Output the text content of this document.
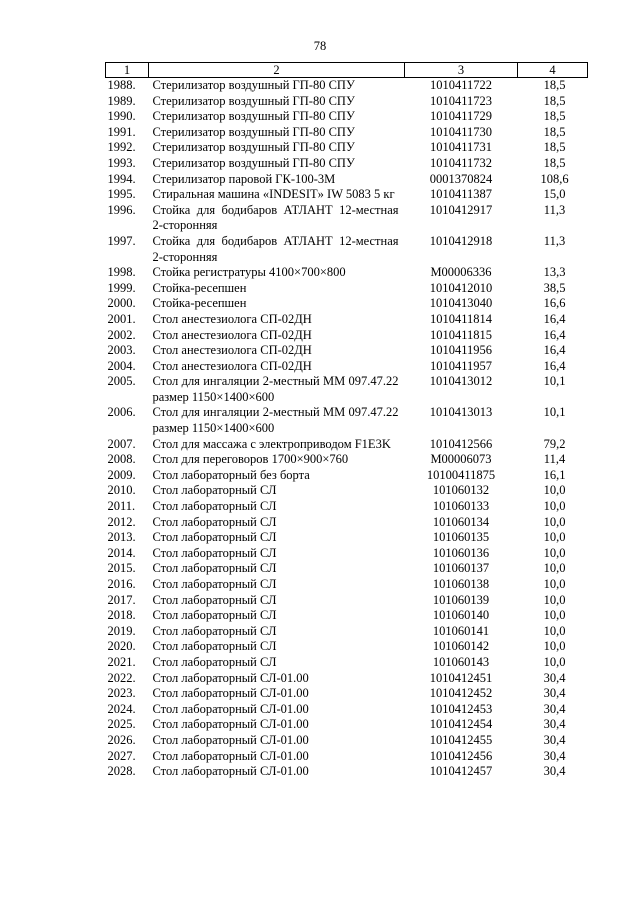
78
1	2	3	4
1988.	Стерилизатор воздушный ГП-80 СПУ	1010411722	18,5
1989.	Стерилизатор воздушный ГП-80 СПУ	1010411723	18,5
1990.	Стерилизатор воздушный ГП-80 СПУ	1010411729	18,5
1991.	Стерилизатор воздушный ГП-80 СПУ	1010411730	18,5
1992.	Стерилизатор воздушный ГП-80 СПУ	1010411731	18,5
1993.	Стерилизатор воздушный ГП-80 СПУ	1010411732	18,5
1994.	Стерилизатор паровой ГК-100-3М	0001370824	108,6
1995.	Стиральная машина «INDESIT» IW 5083 5 кг	1010411387	15,0
1996.	Стойка для бодибаров АТЛАНТ 12-местная 2-сторонняя	1010412917	11,3
1997.	Стойка для бодибаров АТЛАНТ 12-местная 2-сторонняя	1010412918	11,3
1998.	Стойка регистратуры 4100×700×800	М00006336	13,3
1999.	Стойка-ресепшен	1010412010	38,5
2000.	Стойка-ресепшен	1010413040	16,6
2001.	Стол анестезиолога СП-02ДН	1010411814	16,4
2002.	Стол анестезиолога СП-02ДН	1010411815	16,4
2003.	Стол анестезиолога СП-02ДН	1010411956	16,4
2004.	Стол анестезиолога СП-02ДН	1010411957	16,4
2005.	Стол для ингаляции 2-местный ММ 097.47.22 размер 1150×1400×600	1010413012	10,1
2006.	Стол для ингаляции 2-местный ММ 097.47.22 размер 1150×1400×600	1010413013	10,1
2007.	Стол для массажа с электроприводом F1E3K	1010412566	79,2
2008.	Стол для переговоров 1700×900×760	М00006073	11,4
2009.	Стол лабораторный без борта	10100411875	16,1
2010.	Стол лабораторный СЛ	101060132	10,0
2011.	Стол лабораторный СЛ	101060133	10,0
2012.	Стол лабораторный СЛ	101060134	10,0
2013.	Стол лабораторный СЛ	101060135	10,0
2014.	Стол лабораторный СЛ	101060136	10,0
2015.	Стол лабораторный СЛ	101060137	10,0
2016.	Стол лабораторный СЛ	101060138	10,0
2017.	Стол лабораторный СЛ	101060139	10,0
2018.	Стол лабораторный СЛ	101060140	10,0
2019.	Стол лабораторный СЛ	101060141	10,0
2020.	Стол лабораторный СЛ	101060142	10,0
2021.	Стол лабораторный СЛ	101060143	10,0
2022.	Стол лабораторный СЛ-01.00	1010412451	30,4
2023.	Стол лабораторный СЛ-01.00	1010412452	30,4
2024.	Стол лабораторный СЛ-01.00	1010412453	30,4
2025.	Стол лабораторный СЛ-01.00	1010412454	30,4
2026.	Стол лабораторный СЛ-01.00	1010412455	30,4
2027.	Стол лабораторный СЛ-01.00	1010412456	30,4
2028.	Стол лабораторный СЛ-01.00	1010412457	30,4
